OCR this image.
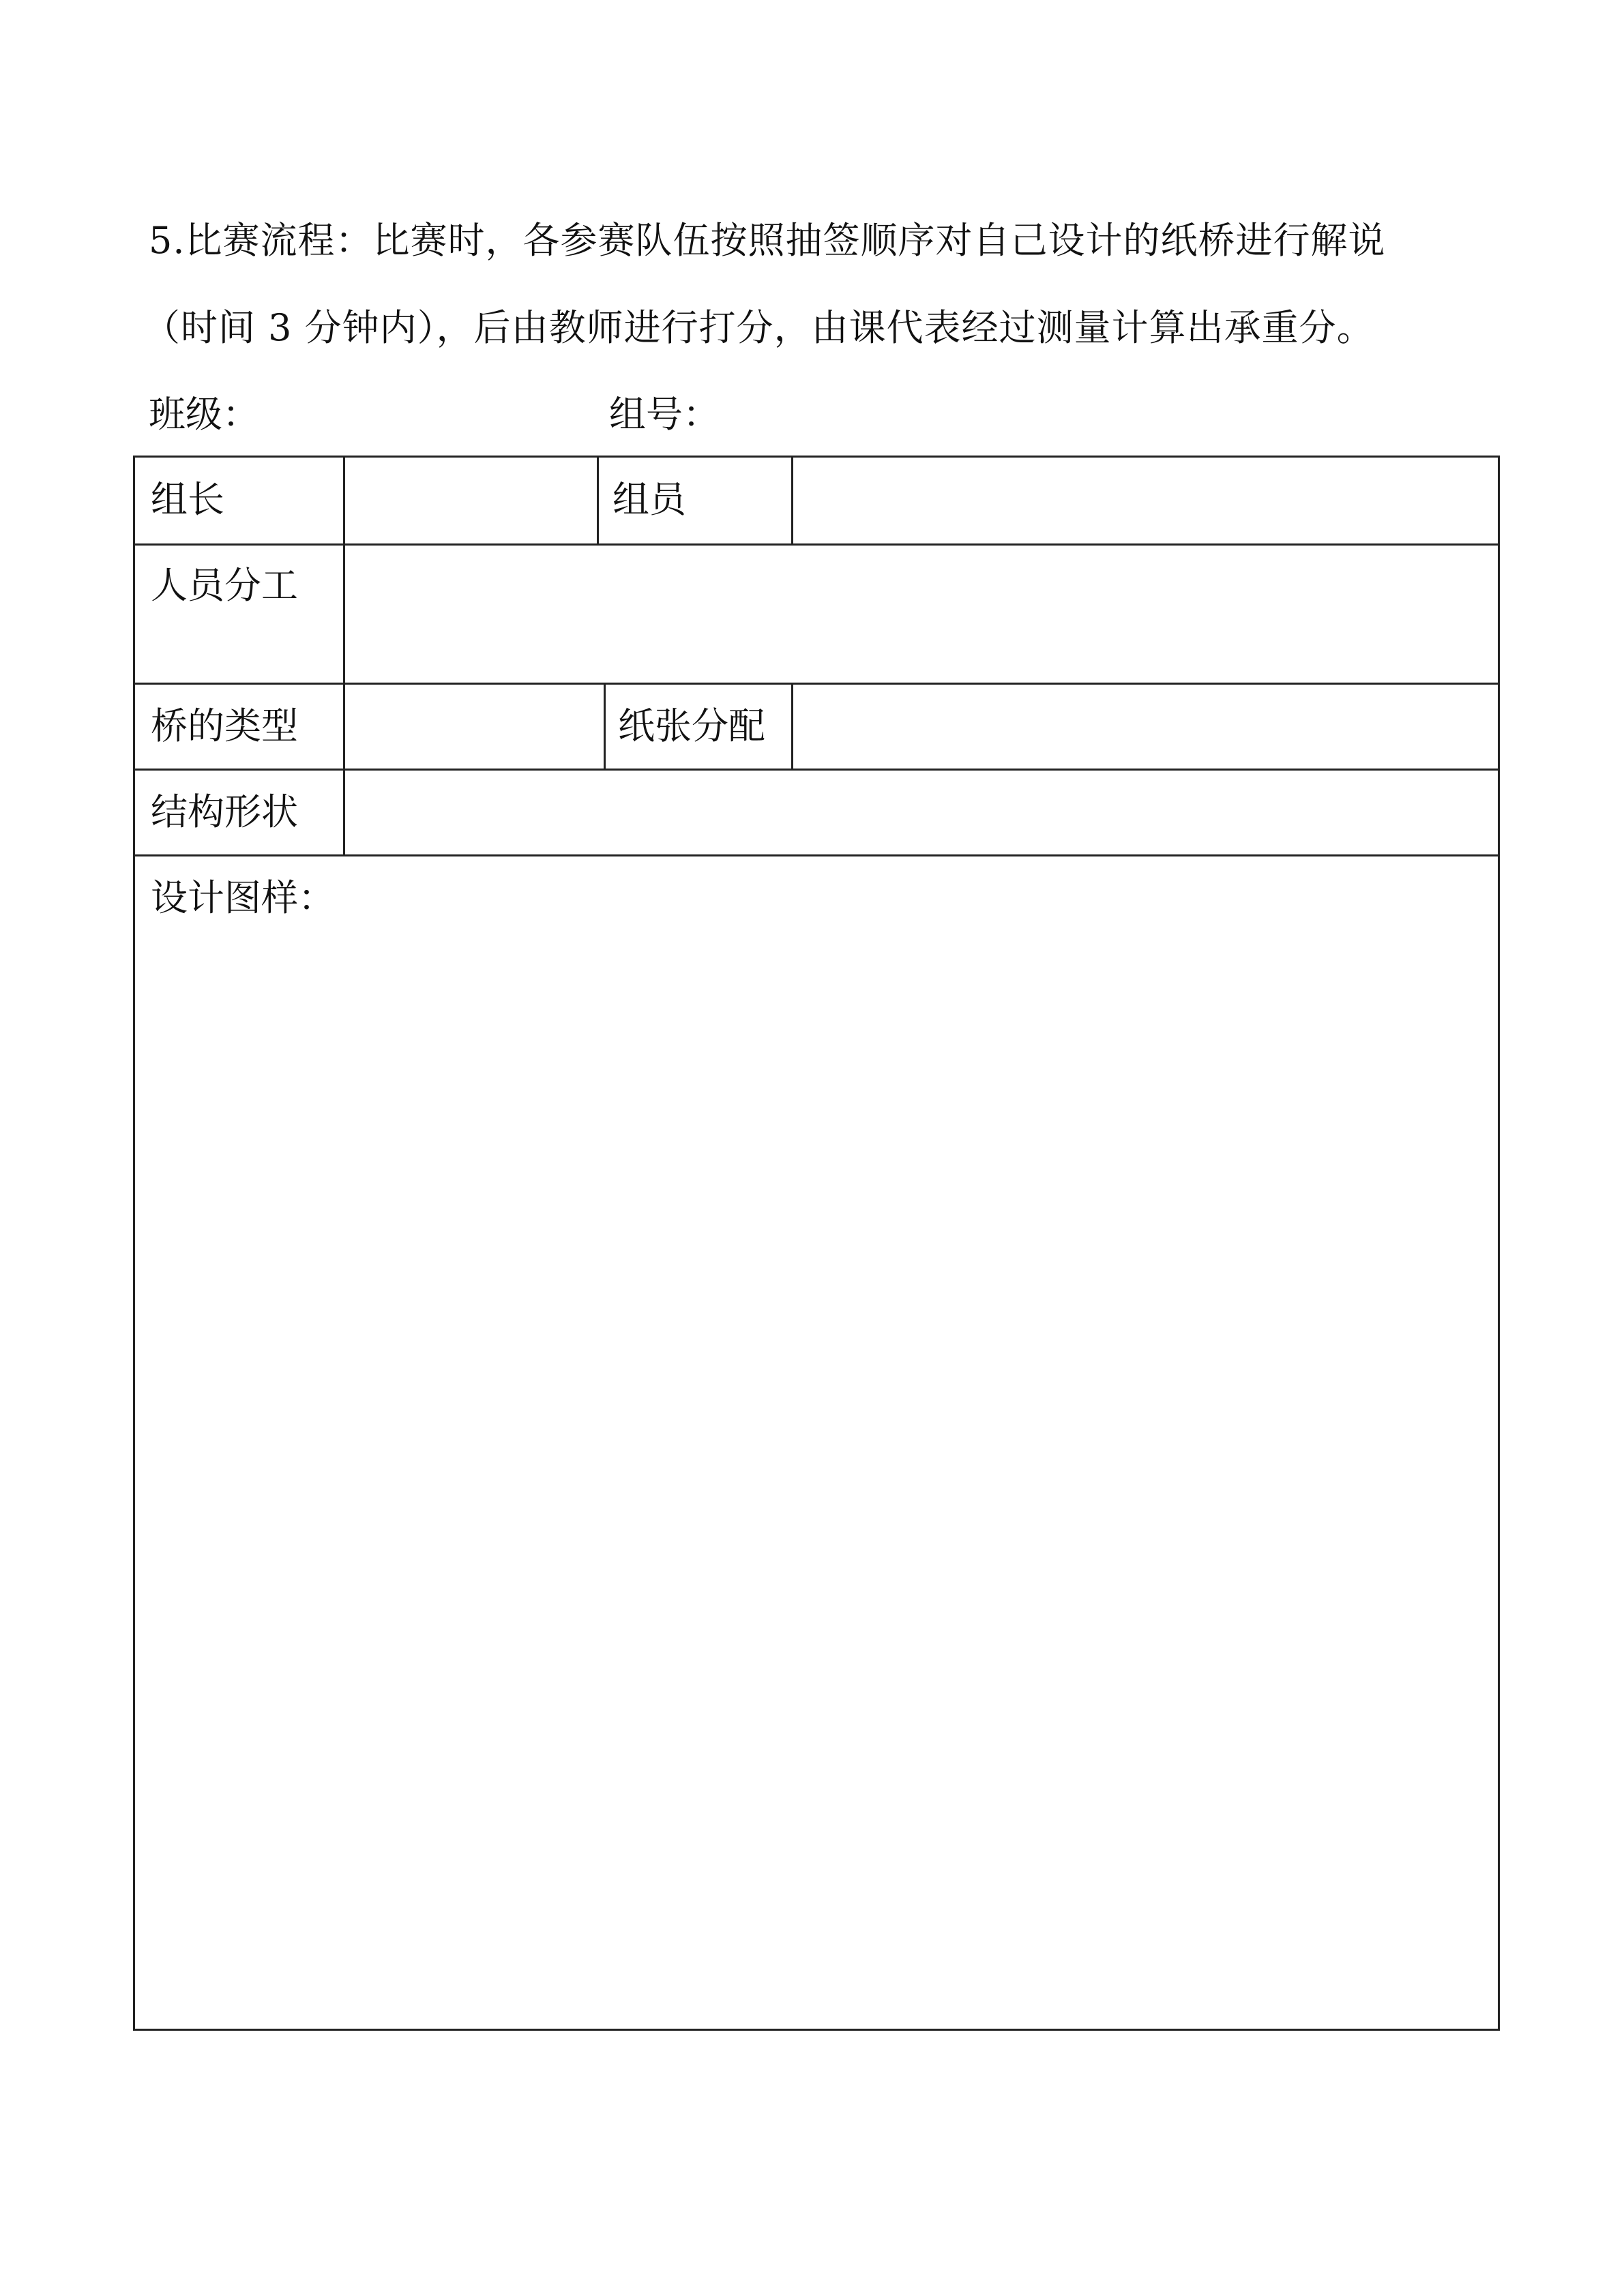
5.比赛流程：比赛时，各参赛队伍按照抽签顺序对自己设计的纸桥进行解说
（时间 3 分钟内），后由教师进行打分，由课代表经过测量计算出承重分。
班级：	组号：
组长	组员
人员分工
桥的类型	纸张分配
结构形状
设计图样：
